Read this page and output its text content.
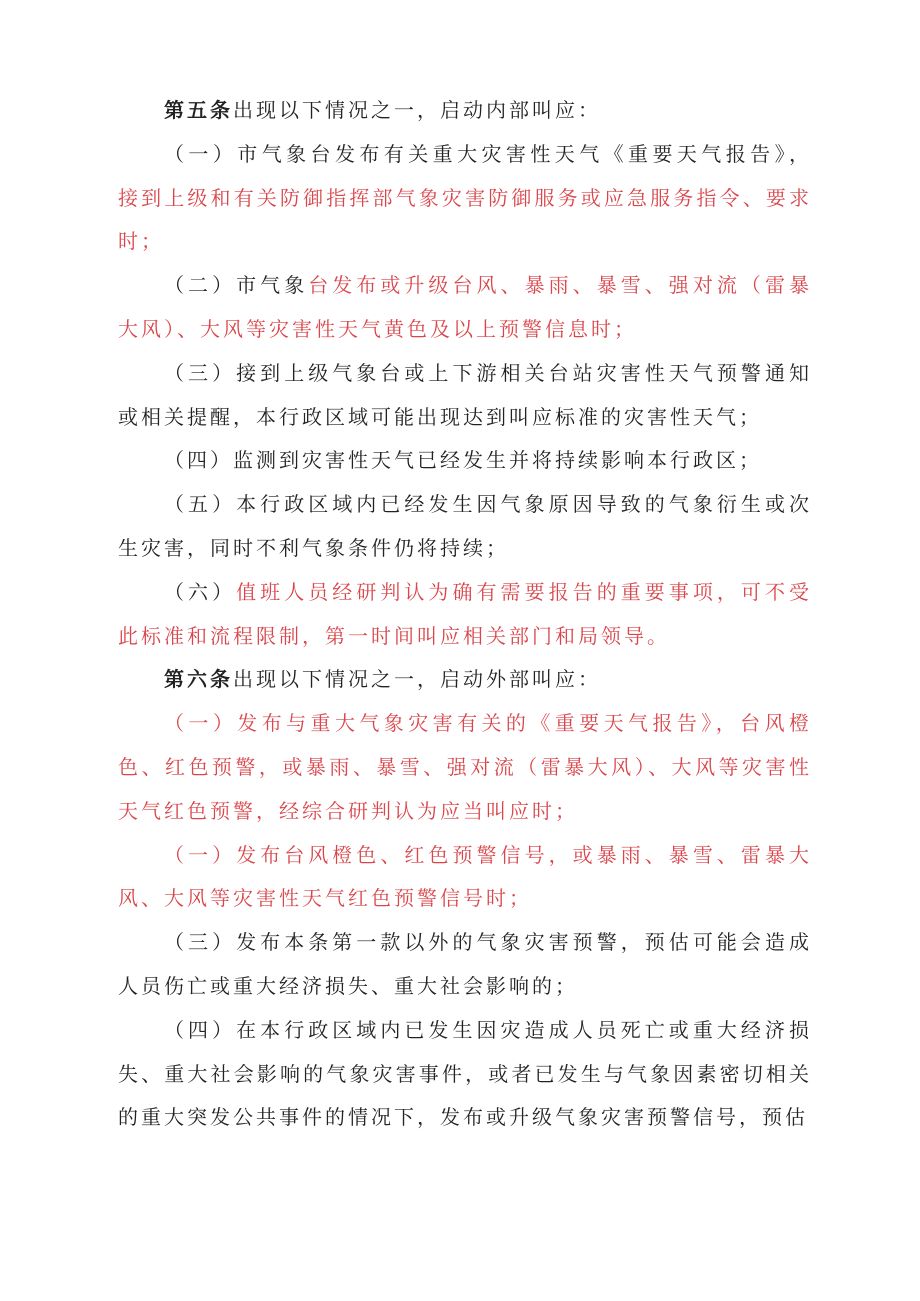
第五条出现以下情况之一，启动内部叫应：
（一）市气象台发布有关重大灾害性天气《重要天气报告》，
接到上级和有关防御指挥部气象灾害防御服务或应急服务指令、要求
时；
（二）市气象台发布或升级台风、暴雨、暴雪、强对流（雷暴
大风）、大风等灾害性天气黄色及以上预警信息时；
（三）接到上级气象台或上下游相关台站灾害性天气预警通知
或相关提醒，本行政区域可能出现达到叫应标准的灾害性天气；
（四）监测到灾害性天气已经发生并将持续影响本行政区；
（五）本行政区域内已经发生因气象原因导致的气象衍生或次
生灾害，同时不利气象条件仍将持续；
（六）值班人员经研判认为确有需要报告的重要事项，可不受
此标准和流程限制，第一时间叫应相关部门和局领导。
第六条出现以下情况之一，启动外部叫应：
（一）发布与重大气象灾害有关的《重要天气报告》，台风橙
色、红色预警，或暴雨、暴雪、强对流（雷暴大风）、大风等灾害性
天气红色预警，经综合研判认为应当叫应时；
（一）发布台风橙色、红色预警信号，或暴雨、暴雪、雷暴大
风、大风等灾害性天气红色预警信号时；
（三）发布本条第一款以外的气象灾害预警，预估可能会造成
人员伤亡或重大经济损失、重大社会影响的；
（四）在本行政区域内已发生因灾造成人员死亡或重大经济损
失、重大社会影响的气象灾害事件，或者已发生与气象因素密切相关
的重大突发公共事件的情况下，发布或升级气象灾害预警信号，预估
